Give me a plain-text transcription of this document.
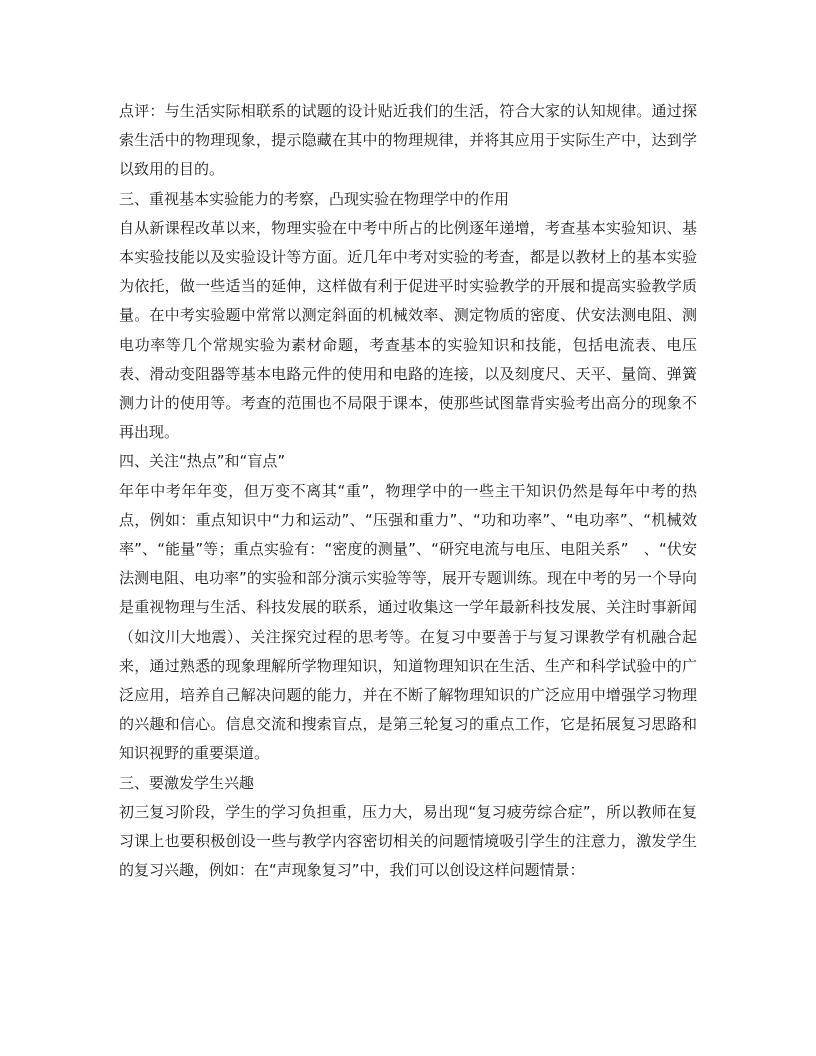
点评：与生活实际相联系的试题的设计贴近我们的生活，符合大家的认知规律。通过探索生活中的物理现象，提示隐藏在其中的物理规律，并将其应用于实际生产中，达到学以致用的目的。

三、重视基本实验能力的考察，凸现实验在物理学中的作用

自从新课程改革以来，物理实验在中考中所占的比例逐年递增，考查基本实验知识、基本实验技能以及实验设计等方面。近几年中考对实验的考查，都是以教材上的基本实验为依托，做一些适当的延伸，这样做有利于促进平时实验教学的开展和提高实验教学质量。在中考实验题中常常以测定斜面的机械效率、测定物质的密度、伏安法测电阻、测电功率等几个常规实验为素材命题，考查基本的实验知识和技能，包括电流表、电压表、滑动变阻器等基本电路元件的使用和电路的连接，以及刻度尺、天平、量筒、弹簧测力计的使用等。考查的范围也不局限于课本，使那些试图靠背实验考出高分的现象不再出现。

四、关注“热点”和“盲点”

年年中考年年变，但万变不离其“重”，物理学中的一些主干知识仍然是每年中考的热点，例如：重点知识中“力和运动”、“压强和重力”、“功和功率”、“电功率”、“机械效率”、“能量”等；重点实验有：“密度的测量”、“研究电流与电压、电阻关系”　、“伏安法测电阻、电功率”的实验和部分演示实验等等，展开专题训练。现在中考的另一个导向是重视物理与生活、科技发展的联系，通过收集这一学年最新科技发展、关注时事新闻（如汶川大地震）、关注探究过程的思考等。在复习中要善于与复习课教学有机融合起来，通过熟悉的现象理解所学物理知识，知道物理知识在生活、生产和科学试验中的广泛应用，培养自己解决问题的能力，并在不断了解物理知识的广泛应用中增强学习物理的兴趣和信心。信息交流和搜索盲点，是第三轮复习的重点工作，它是拓展复习思路和知识视野的重要渠道。

三、要激发学生兴趣

初三复习阶段，学生的学习负担重，压力大，易出现“复习疲劳综合症”，所以教师在复习课上也要积极创设一些与教学内容密切相关的问题情境吸引学生的注意力，激发学生的复习兴趣，例如：在“声现象复习”中，我们可以创设这样问题情景：
